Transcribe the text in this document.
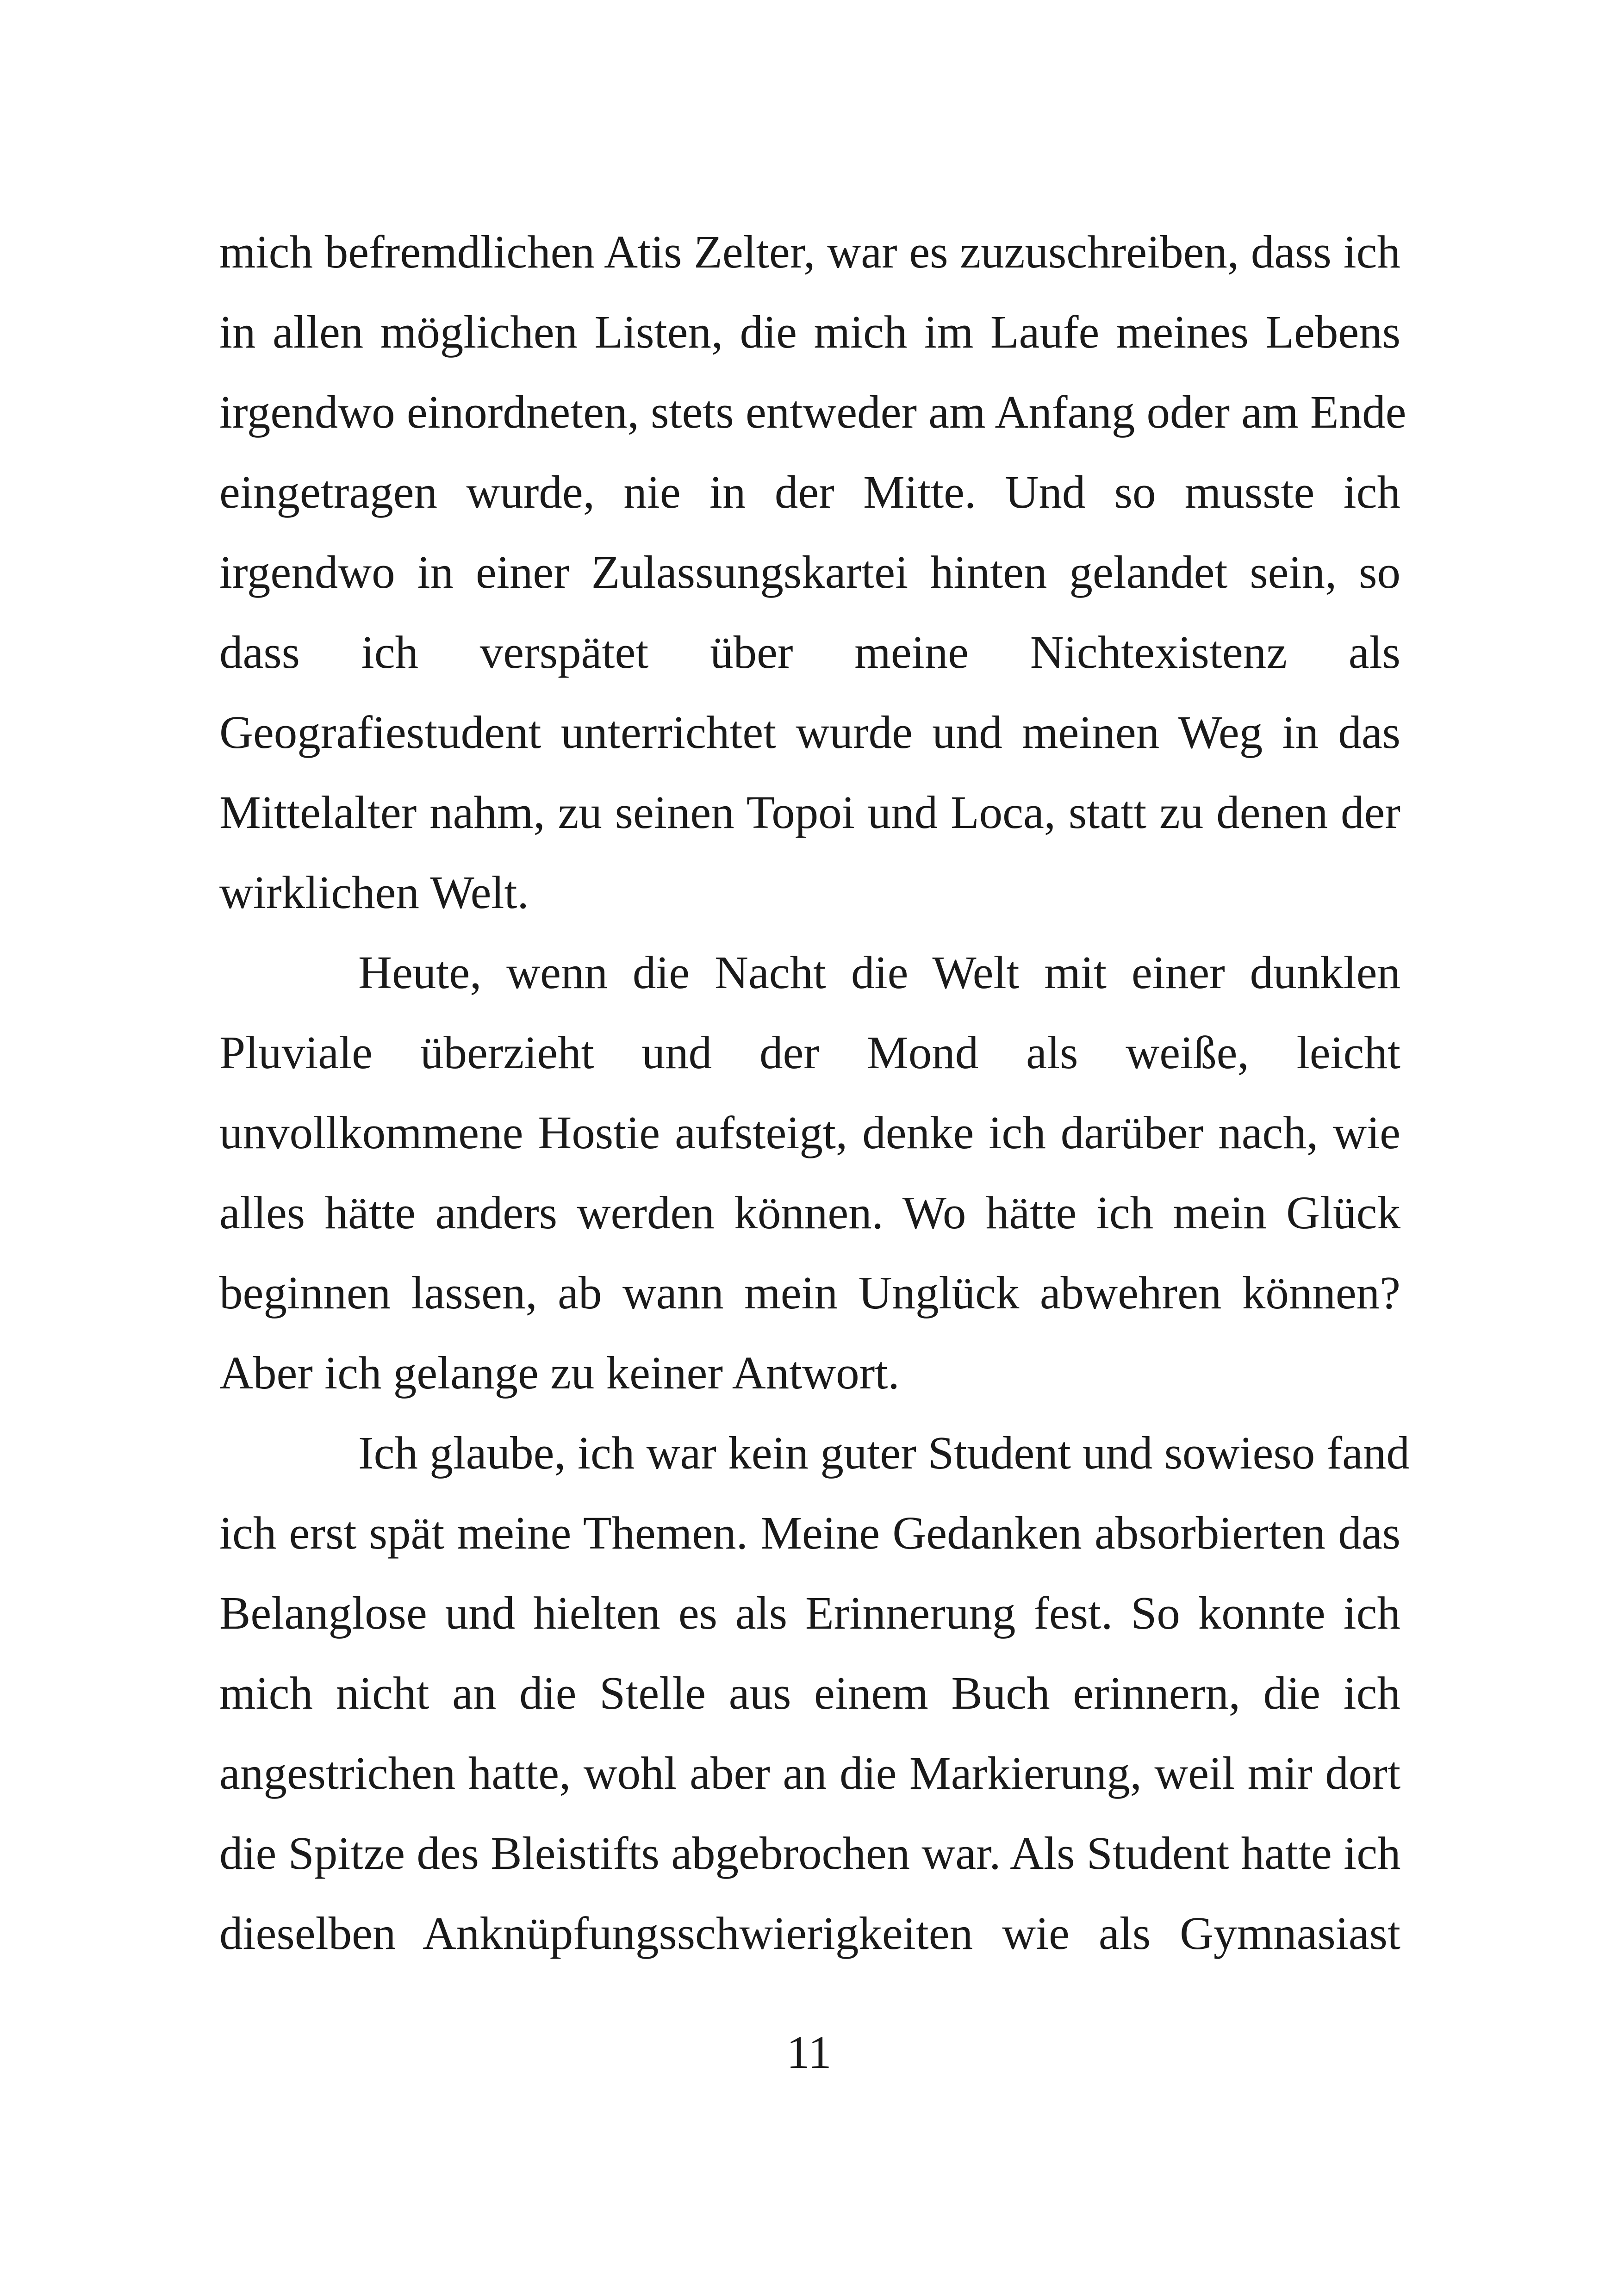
mich befremdlichen Atis Zelter, war es zuzuschreiben, dass ich
in allen möglichen Listen, die mich im Laufe meines Lebens
irgendwo einordneten, stets entweder am Anfang oder am Ende
eingetragen wurde, nie in der Mitte. Und so musste ich
irgendwo in einer Zulassungskartei hinten gelandet sein, so
dass ich verspätet über meine Nichtexistenz als
Geografiestudent unterrichtet wurde und meinen Weg in das
Mittelalter nahm, zu seinen Topoi und Loca, statt zu denen der
wirklichen Welt.
Heute, wenn die Nacht die Welt mit einer dunklen
Pluviale überzieht und der Mond als weiße, leicht
unvollkommene Hostie aufsteigt, denke ich darüber nach, wie
alles hätte anders werden können. Wo hätte ich mein Glück
beginnen lassen, ab wann mein Unglück abwehren können?
Aber ich gelange zu keiner Antwort.
Ich glaube, ich war kein guter Student und sowieso fand
ich erst spät meine Themen. Meine Gedanken absorbierten das
Belanglose und hielten es als Erinnerung fest. So konnte ich
mich nicht an die Stelle aus einem Buch erinnern, die ich
angestrichen hatte, wohl aber an die Markierung, weil mir dort
die Spitze des Bleistifts abgebrochen war. Als Student hatte ich
dieselben Anknüpfungsschwierigkeiten wie als Gymnasiast
11
